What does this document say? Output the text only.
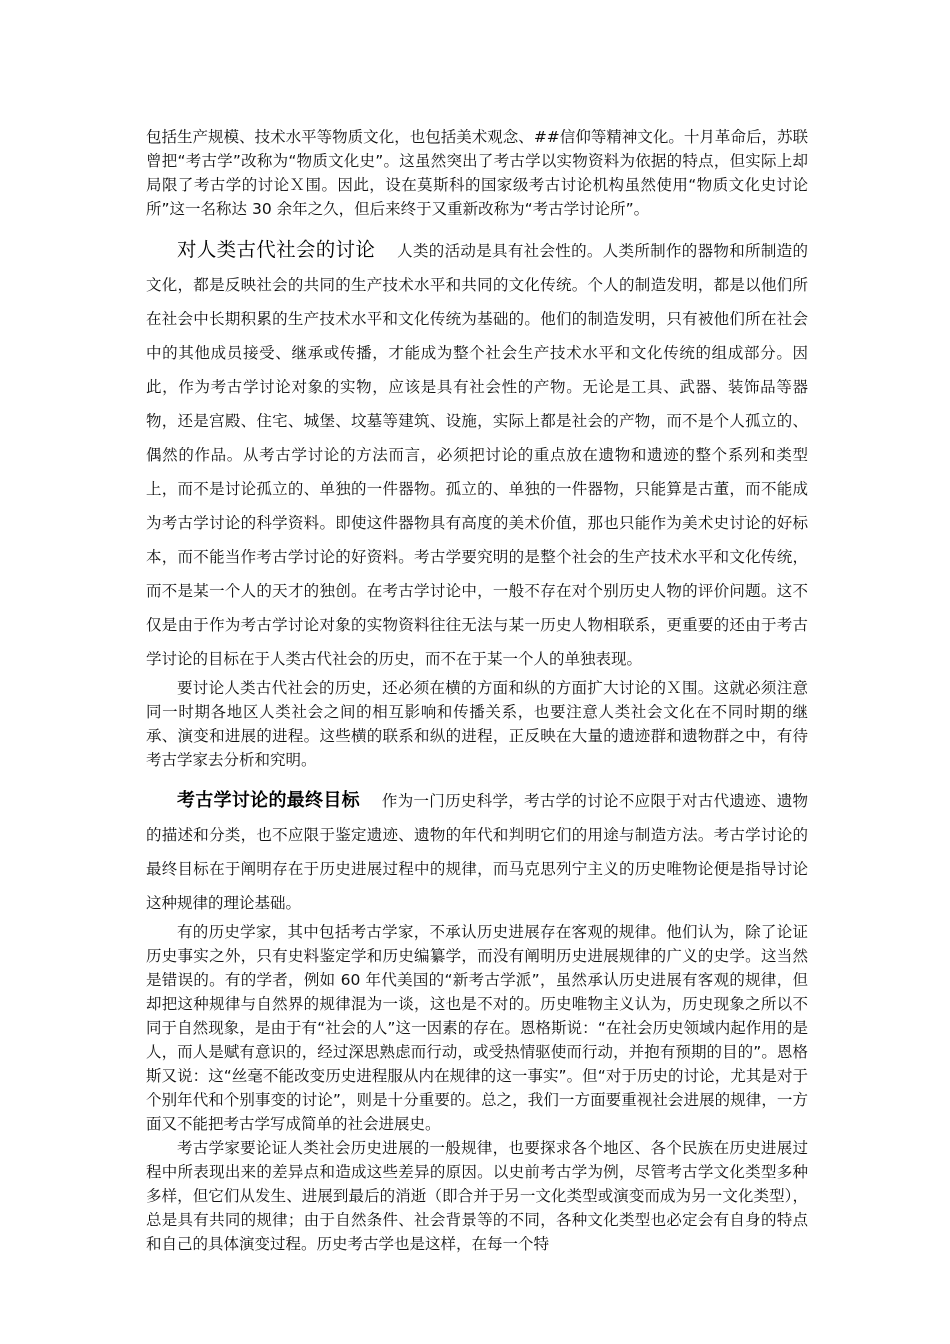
包括生产规模、技术水平等物质文化，也包括美术观念、##信仰等精神文化。十月革命后，苏联曾把“考古学”改称为“物质文化史”。这虽然突出了考古学以实物资料为依据的特点，但实际上却局限了考古学的讨论Ｘ围。因此，设在莫斯科的国家级考古讨论机构虽然使用“物质文化史讨论所”这一名称达 30 余年之久，但后来终于又重新改称为“考古学讨论所”。

对人类古代社会的讨论 人类的活动是具有社会性的。人类所制作的器物和所制造的文化，都是反映社会的共同的生产技术水平和共同的文化传统。个人的制造发明，都是以他们所在社会中长期积累的生产技术水平和文化传统为基础的。他们的制造发明，只有被他们所在社会中的其他成员接受、继承或传播，才能成为整个社会生产技术水平和文化传统的组成部分。因此，作为考古学讨论对象的实物，应该是具有社会性的产物。无论是工具、武器、装饰品等器物，还是宫殿、住宅、城堡、坟墓等建筑、设施，实际上都是社会的产物，而不是个人孤立的、偶然的作品。从考古学讨论的方法而言，必须把讨论的重点放在遗物和遗迹的整个系列和类型上，而不是讨论孤立的、单独的一件器物。孤立的、单独的一件器物，只能算是古董，而不能成为考古学讨论的科学资料。即使这件器物具有高度的美术价值，那也只能作为美术史讨论的好标本，而不能当作考古学讨论的好资料。考古学要究明的是整个社会的生产技术水平和文化传统，而不是某一个人的天才的独创。在考古学讨论中，一般不存在对个别历史人物的评价问题。这不仅是由于作为考古学讨论对象的实物资料往往无法与某一历史人物相联系，更重要的还由于考古学讨论的目标在于人类古代社会的历史，而不在于某一个人的单独表现。

要讨论人类古代社会的历史，还必须在横的方面和纵的方面扩大讨论的Ｘ围。这就必须注意同一时期各地区人类社会之间的相互影响和传播关系，也要注意人类社会文化在不同时期的继承、演变和进展的进程。这些横的联系和纵的进程，正反映在大量的遗迹群和遗物群之中，有待考古学家去分析和究明。

考古学讨论的最终目标 作为一门历史科学，考古学的讨论不应限于对古代遗迹、遗物的描述和分类，也不应限于鉴定遗迹、遗物的年代和判明它们的用途与制造方法。考古学讨论的最终目标在于阐明存在于历史进展过程中的规律，而马克思列宁主义的历史唯物论便是指导讨论这种规律的理论基础。

有的历史学家，其中包括考古学家，不承认历史进展存在客观的规律。他们认为，除了论证历史事实之外，只有史料鉴定学和历史编纂学，而没有阐明历史进展规律的广义的史学。这当然是错误的。有的学者，例如 60 年代美国的“新考古学派”，虽然承认历史进展有客观的规律，但却把这种规律与自然界的规律混为一谈，这也是不对的。历史唯物主义认为，历史现象之所以不同于自然现象，是由于有“社会的人”这一因素的存在。恩格斯说：“在社会历史领域内起作用的是人，而人是赋有意识的，经过深思熟虑而行动，或受热情驱使而行动，并抱有预期的目的”。恩格斯又说：这“丝毫不能改变历史进程服从内在规律的这一事实”。但“对于历史的讨论，尤其是对于个别年代和个别事变的讨论”，则是十分重要的。总之，我们一方面要重视社会进展的规律，一方面又不能把考古学写成简单的社会进展史。

考古学家要论证人类社会历史进展的一般规律，也要探求各个地区、各个民族在历史进展过程中所表现出来的差异点和造成这些差异的原因。以史前考古学为例，尽管考古学文化类型多种多样，但它们从发生、进展到最后的消逝（即合并于另一文化类型或演变而成为另一文化类型），总是具有共同的规律；由于自然条件、社会背景等的不同，各种文化类型也必定会有自身的特点和自己的具体演变过程。历史考古学也是这样，在每一个特
